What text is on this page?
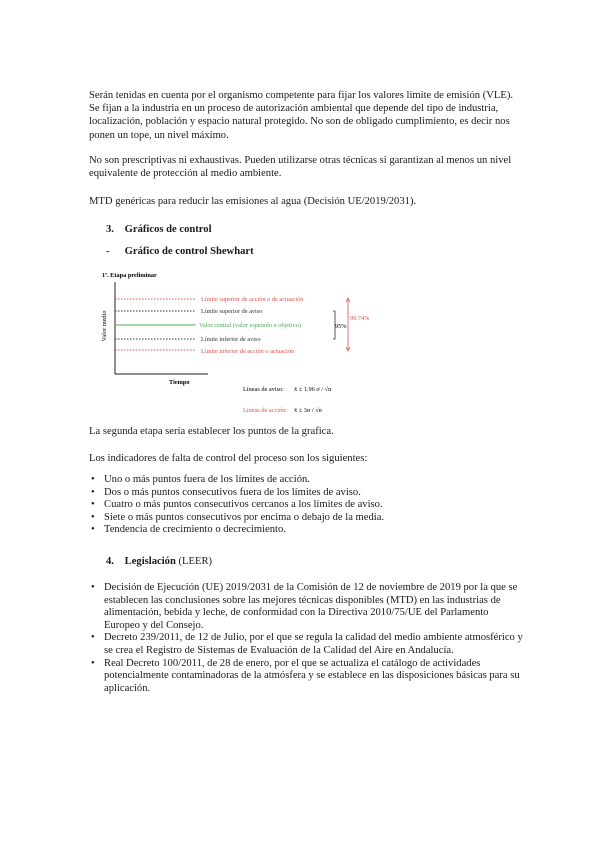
Serán tenidas en cuenta por el organismo competente para fijar los valores límite de emisión (VLE). Se fijan a la industria en un proceso de autorización ambiental que depende del tipo de industria, localización, población y espacio natural protegido. No son de obligado cumplimiento, es decir nos ponen un tope, un nivel máximo.

No son prescriptivas ni exhaustivas. Pueden utilizarse otras técnicas si garantizan al menos un nivel equivalente de protección al medio ambiente.

MTD genéricas para reducir las emisiones al agua (Decisión UE/2019/2031).

3. Gráficos de control
- Gráfico de control Shewhart
1ª. Etapa preliminar
Valor medio
Tiempo
Límite superior de acción o de actuación
Límite superior de aviso
Valor central (valor esperado u objetivo)
Límite inferior de aviso
Límite inferior de acción o actuación
95%
99.74%
Líneas de aviso: x̄ ± 1.96 σ / √n
Líneas de acción: x̄ ± 3σ / √n

La segunda etapa sería establecer los puntos de la grafica.

Los indicadores de falta de control del proceso son los siguientes:

• Uno o más puntos fuera de los límites de acción.
• Dos o más puntos consecutivos fuera de los límites de aviso.
• Cuatro o más puntos consecutivos cercanos a los límites de aviso.
• Siete o más puntos consecutivos por encima o debajo de la media.
• Tendencia de crecimiento o decrecimiento.
4. Legislación (LEER)
• Decisión de Ejecución (UE) 2019/2031 de la Comisión de 12 de noviembre de 2019 por la que se establecen las conclusiones sobre las mejores técnicas disponibles (MTD) en las industrias de alimentación, bebida y leche, de conformidad con la Directiva 2010/75/UE del Parlamento Europeo y del Consejo.
• Decreto 239/2011, de 12 de Julio, por el que se regula la calidad del medio ambiente atmosférico y se crea el Registro de Sistemas de Evaluación de la Calidad del Aire en Andalucía.
• Real Decreto 100/2011, de 28 de enero, por el que se actualiza el catálogo de actividades potencialmente contaminadoras de la atmósfera y se establece en las disposiciones básicas para su aplicación.
